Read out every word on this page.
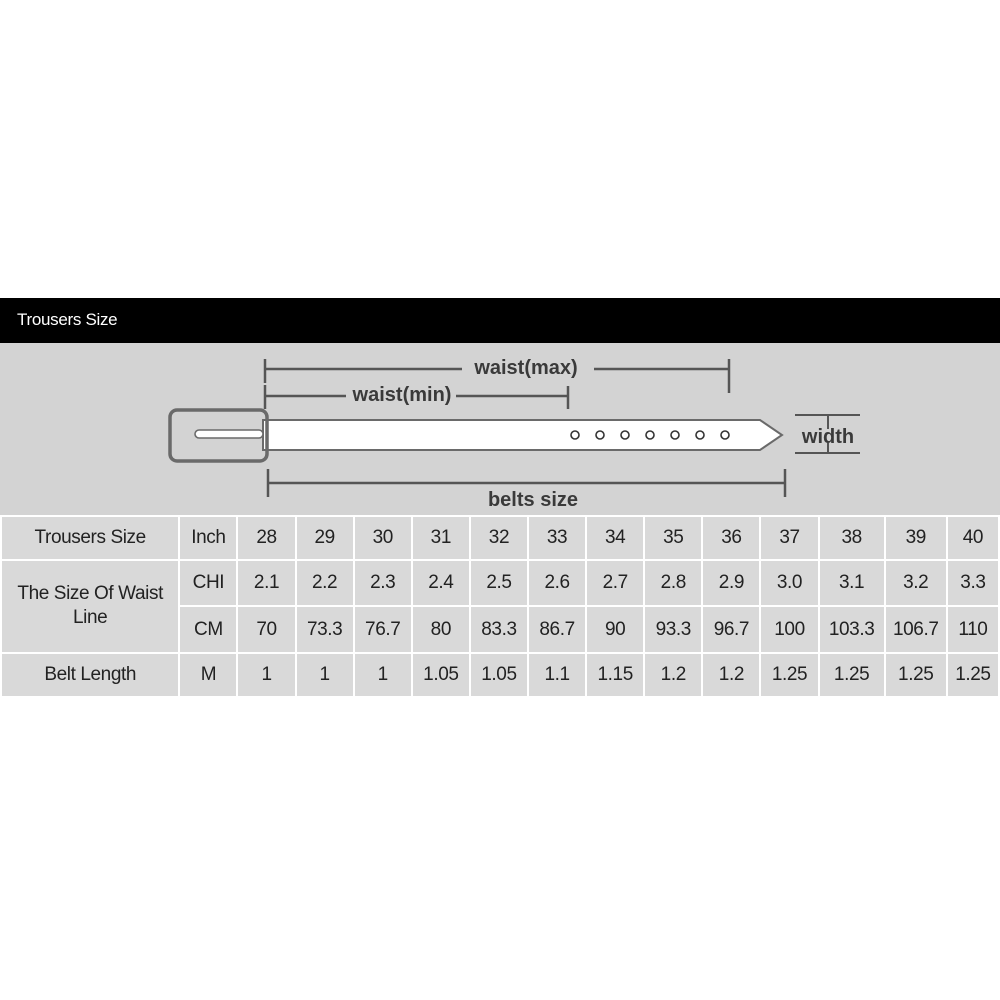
Trousers Size
waist(max)
waist(min)
width
belts size
Trousers Size	Inch	28	29	30	31	32	33	34	35	36	37	38	39	40
The Size Of Waist Line	CHI	2.1	2.2	2.3	2.4	2.5	2.6	2.7	2.8	2.9	3.0	3.1	3.2	3.3
	CM	70	73.3	76.7	80	83.3	86.7	90	93.3	96.7	100	103.3	106.7	110
Belt Length	M	1	1	1	1.05	1.05	1.1	1.15	1.2	1.2	1.25	1.25	1.25	1.25
